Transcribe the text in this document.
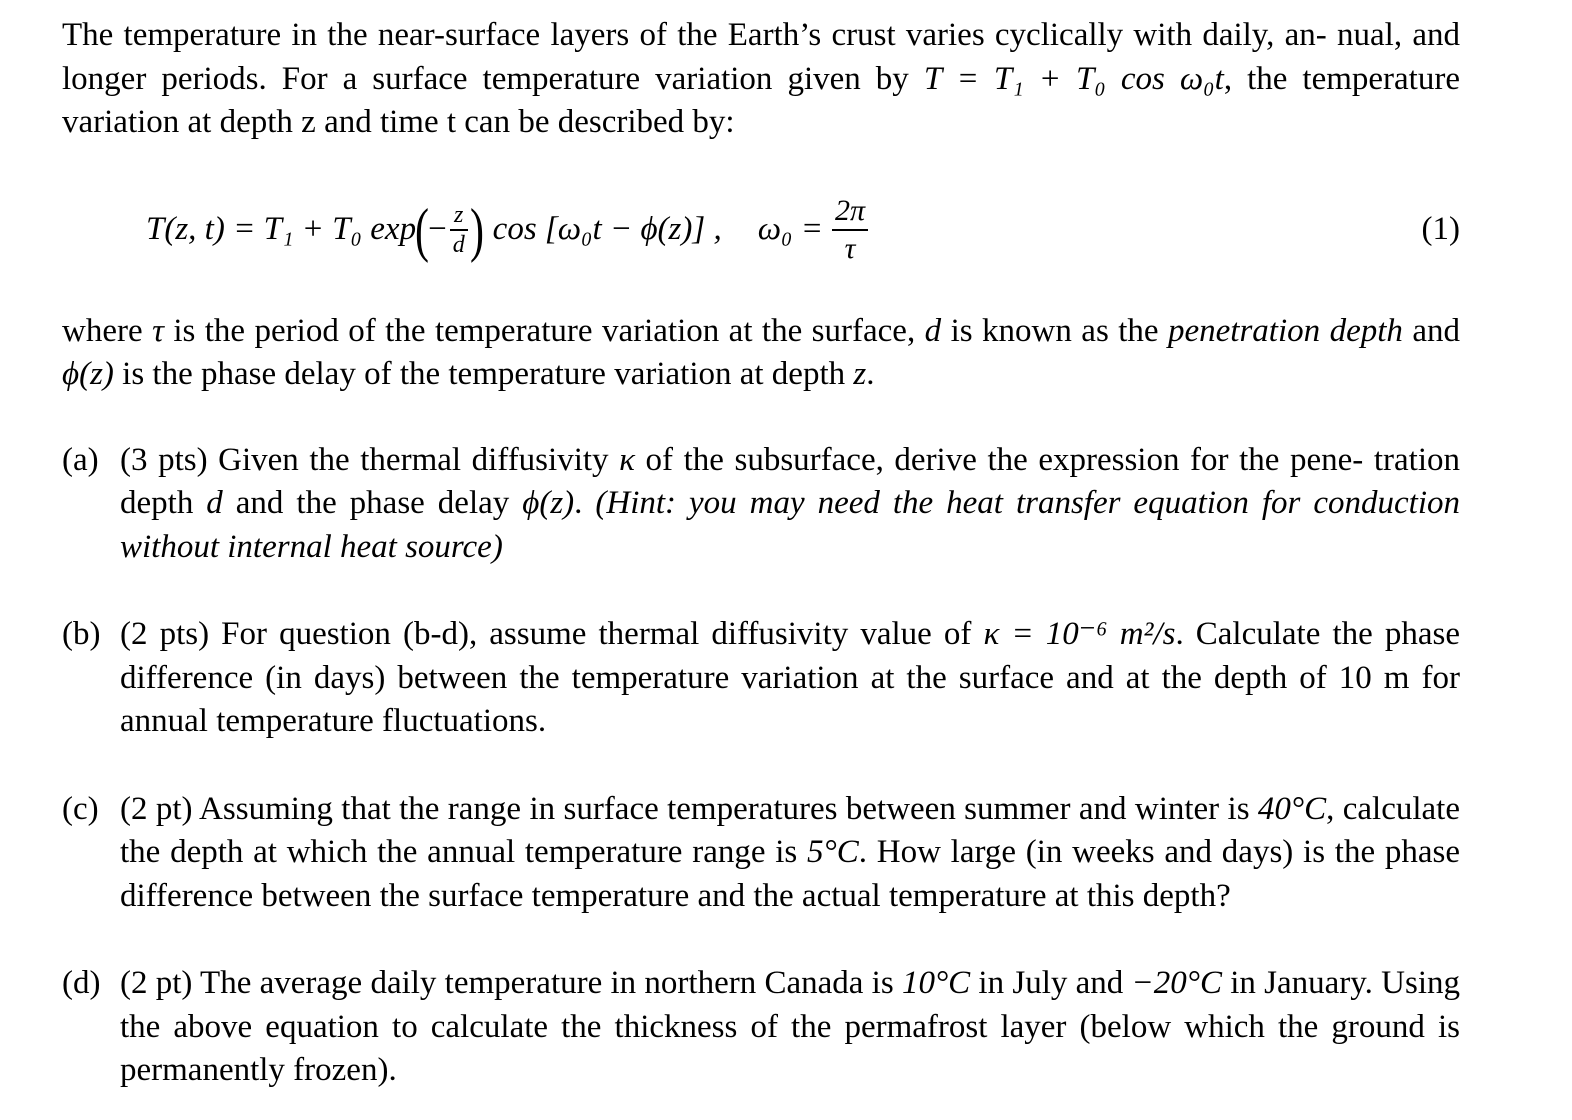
The temperature in the near-surface layers of the Earth’s crust varies cyclically with daily, an- nual, and longer periods. For a surface temperature variation given by T = T₁ + T₀ cos ω₀t, the temperature variation at depth z and time t can be described by:

T(z, t) = T₁ + T₀ exp
(
− $\frac{z}{d}$ ) cos [ω₀t − ϕ(z)] , $\omega_0 = \frac{2\pi}{\tau}$	(1)

where τ is the period of the temperature variation at the surface, d is known as the penetration depth and ϕ(z) is the phase delay of the temperature variation at depth z.

(a) (3 pts) Given the thermal diffusivity κ of the subsurface, derive the expression for the pene- tration depth d and the phase delay ϕ(z). (Hint: you may need the heat transfer equation for conduction without internal heat source)
(b) (2 pts) For question (b-d), assume thermal diffusivity value of κ = 10⁻⁶ m²/s. Calculate the phase difference (in days) between the temperature variation at the surface and at the depth of 10 m for annual temperature fluctuations.
(c) (2 pt) Assuming that the range in surface temperatures between summer and winter is 40°C, calculate the depth at which the annual temperature range is 5°C. How large (in weeks and days) is the phase difference between the surface temperature and the actual temperature at this depth?
(d) (2 pt) The average daily temperature in northern Canada is 10°C in July and −20°C in January. Using the above equation to calculate the thickness of the permafrost layer (below which the ground is permanently frozen).
